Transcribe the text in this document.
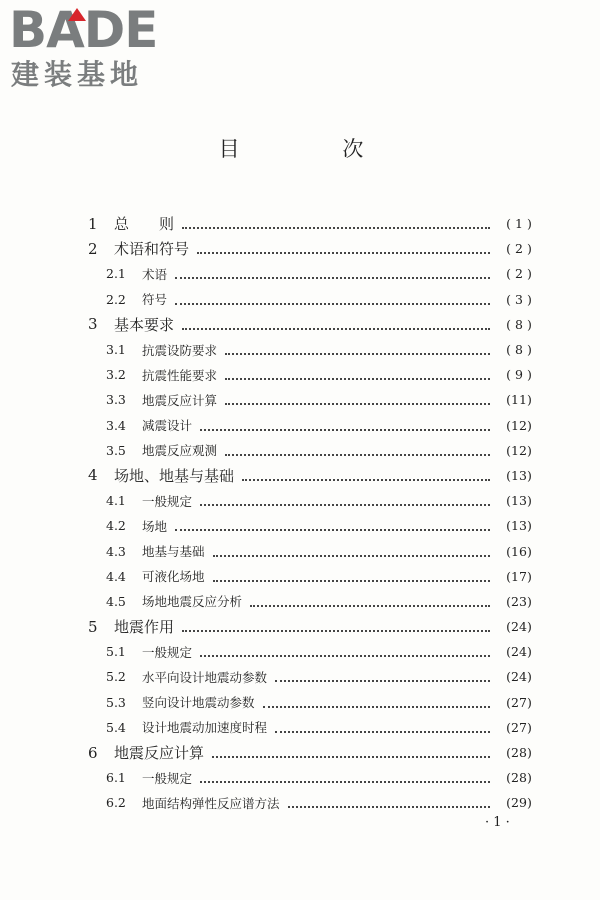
BADE
建装基地
目 次
1	总　　则	( 1 )
2	术语和符号	( 2 )
2.1	术语	( 2 )
2.2	符号	( 3 )
3	基本要求	( 8 )
3.1	抗震设防要求	( 8 )
3.2	抗震性能要求	( 9 )
3.3	地震反应计算	(11)
3.4	减震设计	(12)
3.5	地震反应观测	(12)
4	场地、地基与基础	(13)
4.1	一般规定	(13)
4.2	场地	(13)
4.3	地基与基础	(16)
4.4	可液化场地	(17)
4.5	场地地震反应分析	(23)
5	地震作用	(24)
5.1	一般规定	(24)
5.2	水平向设计地震动参数	(24)
5.3	竖向设计地震动参数	(27)
5.4	设计地震动加速度时程	(27)
6	地震反应计算	(28)
6.1	一般规定	(28)
6.2	地面结构弹性反应谱方法	(29)
· 1 ·
